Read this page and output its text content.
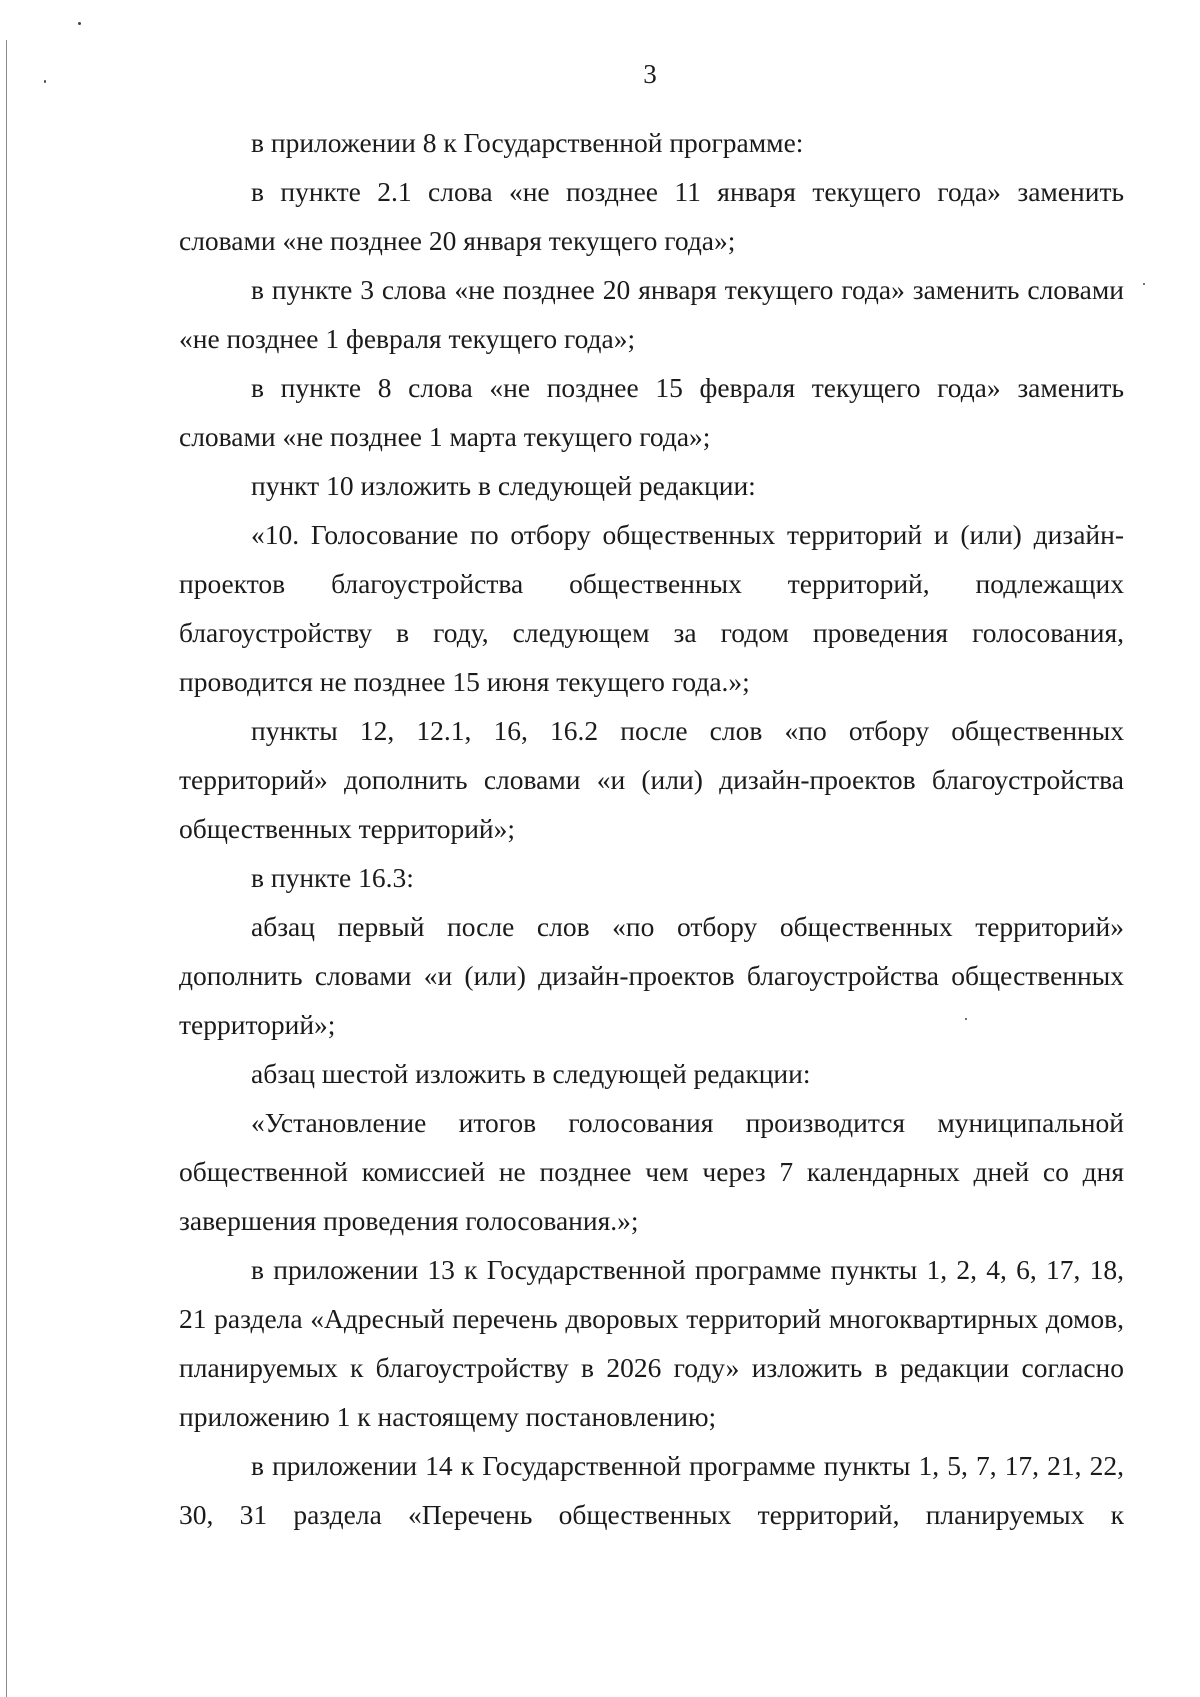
3

в приложении 8 к Государственной программе:

в пункте 2.1 слова «не позднее 11 января текущего года» заменить словами «не позднее 20 января текущего года»;

в пункте 3 слова «не позднее 20 января текущего года» заменить словами «не позднее 1 февраля текущего года»;

в пункте 8 слова «не позднее 15 февраля текущего года» заменить словами «не позднее 1 марта текущего года»;

пункт 10 изложить в следующей редакции:

«10. Голосование по отбору общественных территорий и (или) дизайн-проектов благоустройства общественных территорий, подлежащих благоустройству в году, следующем за годом проведения голосования, проводится не позднее 15 июня текущего года.»;

пункты 12, 12.1, 16, 16.2 после слов «по отбору общественных территорий» дополнить словами «и (или) дизайн-проектов благоустройства общественных территорий»;

в пункте 16.3:

абзац первый после слов «по отбору общественных территорий» дополнить словами «и (или) дизайн-проектов благоустройства общественных территорий»;

абзац шестой изложить в следующей редакции:

«Установление итогов голосования производится муниципальной общественной комиссией не позднее чем через 7 календарных дней со дня завершения проведения голосования.»;

в приложении 13 к Государственной программе пункты 1, 2, 4, 6, 17, 18, 21 раздела «Адресный перечень дворовых территорий многоквартирных домов, планируемых к благоустройству в 2026 году» изложить в редакции согласно приложению 1 к настоящему постановлению;

в приложении 14 к Государственной программе пункты 1, 5, 7, 17, 21, 22, 30, 31 раздела «Перечень общественных территорий, планируемых к
